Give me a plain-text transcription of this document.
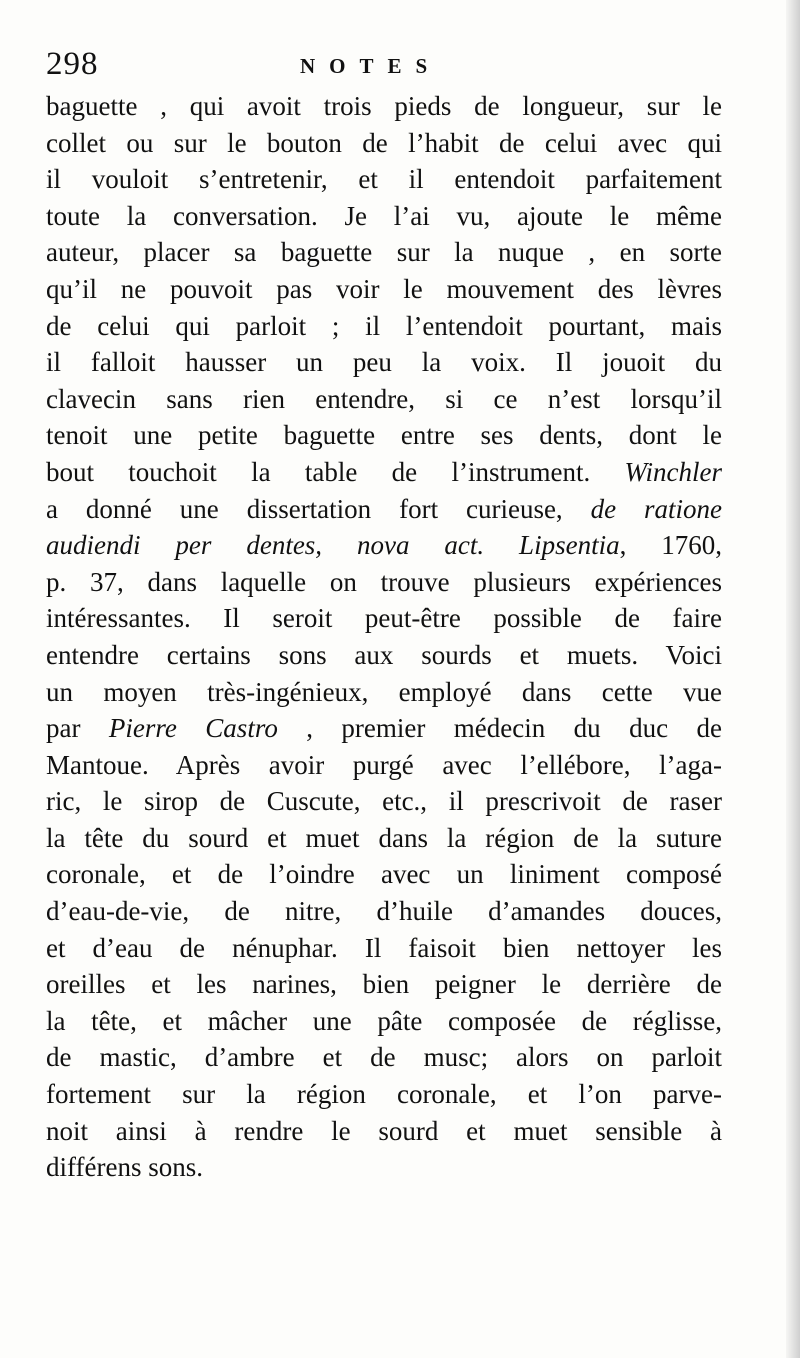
298	NOTES
baguette , qui avoit trois pieds de longueur, sur le
collet ou sur le bouton de l’habit de celui avec qui
il vouloit s’entretenir, et il entendoit parfaitement
toute la conversation. Je l’ai vu, ajoute le même
auteur, placer sa baguette sur la nuque , en sorte
qu’il ne pouvoit pas voir le mouvement des lèvres
de celui qui parloit ; il l’entendoit pourtant, mais
il falloit hausser un peu la voix. Il jouoit du
clavecin sans rien entendre, si ce n’est lorsqu’il
tenoit une petite baguette entre ses dents, dont le
bout touchoit la table de l’instrument. Winchler
a donné une dissertation fort curieuse, de ratione
audiendi per dentes, nova act. Lipsentia, 1760,
p. 37, dans laquelle on trouve plusieurs expériences
intéressantes. Il seroit peut-être possible de faire
entendre certains sons aux sourds et muets. Voici
un moyen très-ingénieux, employé dans cette vue
par Pierre Castro , premier médecin du duc de
Mantoue. Après avoir purgé avec l’ellébore, l’aga-
ric, le sirop de Cuscute, etc., il prescrivoit de raser
la tête du sourd et muet dans la région de la suture
coronale, et de l’oindre avec un liniment composé
d’eau-de-vie, de nitre, d’huile d’amandes douces,
et d’eau de nénuphar. Il faisoit bien nettoyer les
oreilles et les narines, bien peigner le derrière de
la tête, et mâcher une pâte composée de réglisse,
de mastic, d’ambre et de musc; alors on parloit
fortement sur la région coronale, et l’on parve-
noit ainsi à rendre le sourd et muet sensible à
différens sons.
